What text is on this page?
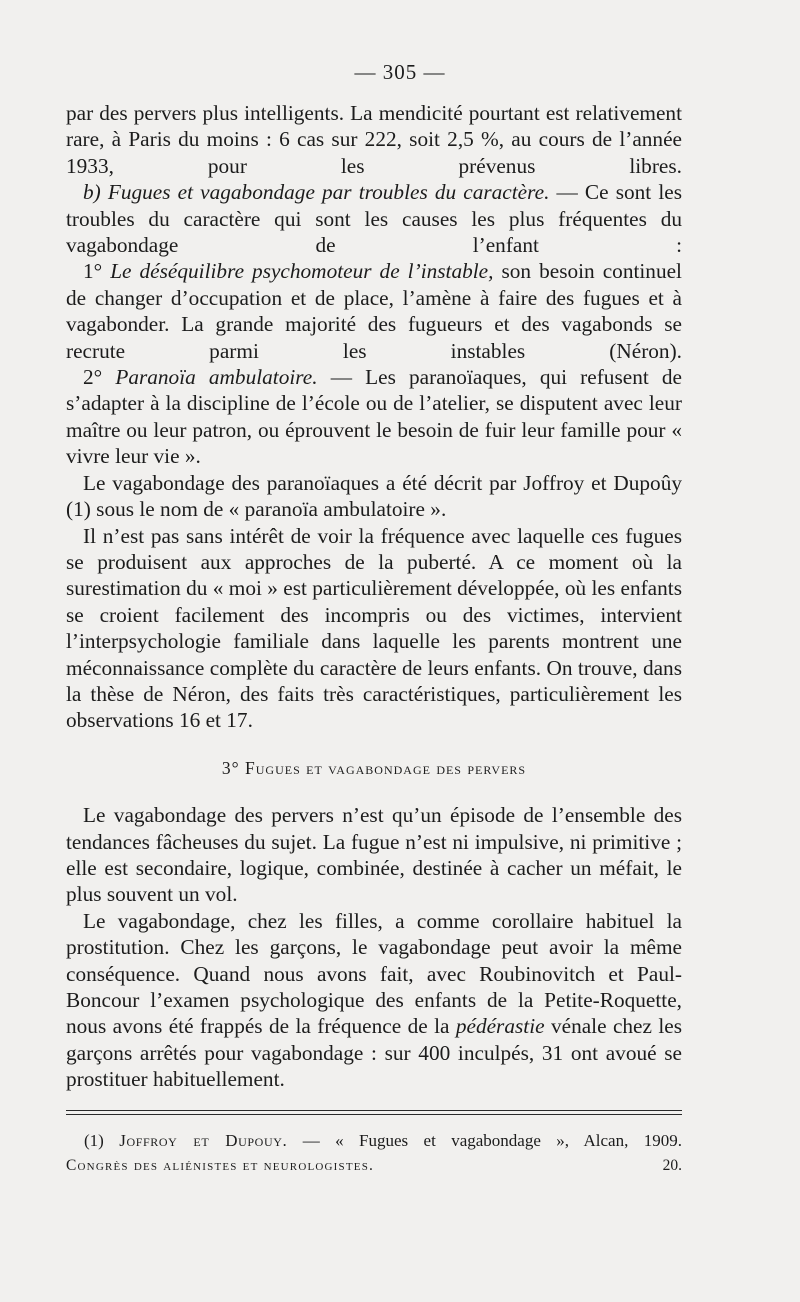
— 305 —

par des pervers plus intelligents. La mendicité pourtant est relativement rare, à Paris du moins : 6 cas sur 222, soit 2,5 %, au cours de l’année 1933, pour les prévenus libres.

b) Fugues et vagabondage par troubles du caractère. — Ce sont les troubles du caractère qui sont les causes les plus fréquentes du vagabondage de l’enfant :

1° Le déséquilibre psychomoteur de l’instable, son besoin continuel de changer d’occupation et de place, l’amène à faire des fugues et à vagabonder. La grande majorité des fugueurs et des vagabonds se recrute parmi les instables (Néron).

2° Paranoïa ambulatoire. — Les paranoïaques, qui refusent de s’adapter à la discipline de l’école ou de l’atelier, se disputent avec leur maître ou leur patron, ou éprouvent le besoin de fuir leur famille pour « vivre leur vie ».

Le vagabondage des paranoïaques a été décrit par Joffroy et Dupoûy (1) sous le nom de « paranoïa ambulatoire ».

Il n’est pas sans intérêt de voir la fréquence avec laquelle ces fugues se produisent aux approches de la puberté. A ce moment où la surestimation du « moi » est particulièrement développée, où les enfants se croient facilement des incompris ou des victimes, intervient l’interpsychologie familiale dans laquelle les parents montrent une méconnaissance complète du caractère de leurs enfants. On trouve, dans la thèse de Néron, des faits très caractéristiques, particulièrement les observations 16 et 17.

3° Fugues et vagabondage des pervers

Le vagabondage des pervers n’est qu’un épisode de l’ensemble des tendances fâcheuses du sujet. La fugue n’est ni impulsive, ni primitive ; elle est secondaire, logique, combinée, destinée à cacher un méfait, le plus souvent un vol.

Le vagabondage, chez les filles, a comme corollaire habituel la prostitution. Chez les garçons, le vagabondage peut avoir la même conséquence. Quand nous avons fait, avec Roubinovitch et Paul-Boncour l’examen psychologique des enfants de la Petite-Roquette, nous avons été frappés de la fréquence de la pédérastie vénale chez les garçons arrêtés pour vagabondage : sur 400 inculpés, 31 ont avoué se prostituer habituellement.

(1) Joffroy et Dupouy. — « Fugues et vagabondage », Alcan, 1909.
Congrès des aliénistes et neurologistes.	20.
